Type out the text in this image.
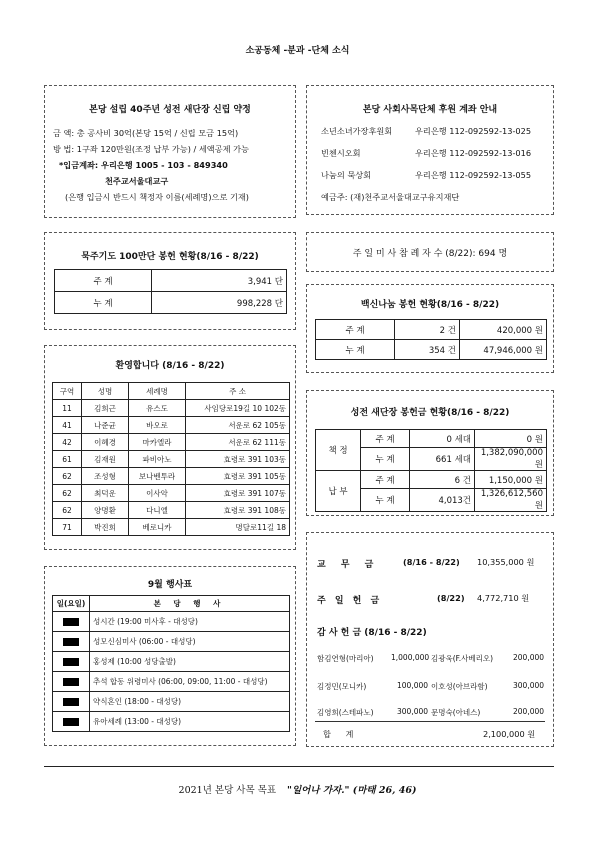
소공동체 -분과 -단체 소식
본당 설립 40주년 성전 새단장 신립 약정
금 액: 총 공사비 30억(본당 15억 / 신립 모금 15억)
방 법: 1구좌 120만원(조정 납부 가능) / 세액공제 가능
*입금계좌: 우리은행 1005 - 103 - 849340
천주교서울대교구
(은행 입금시 반드시 책정자 이름(세례명)으로 기재)
본당 사회사목단체 후원 계좌 안내
소년소녀가장후원회	우리은행 112-092592-13-025
빈첸시오회	우리은행 112-092592-13-016
나눔의 묵상회	우리은행 112-092592-13-055
예금주: (재)천주교서울대교구유지재단
묵주기도 100만단 봉헌 현황(8/16 - 8/22)
주 계	3,941 단
누 계	998,228 단
주 일 미 사 참 례 자 수 (8/22): 694 명
백신나눔 봉헌 현황(8/16 - 8/22)
주 계	2 건	420,000 원
누 계	354 건	47,946,000 원
환영합니다 (8/16 - 8/22)
구역	성명	세례명	주 소
11	김희근	유스도	사임당로19길 10 102동
41	나준균	바오로	서운로 62 105동
42	이혜경	마카엘라	서운로 62 111동
61	김재원	파비아노	효령로 391 103동
62	조성형	보나벤투라	효령로 391 105동
62	최덕운	이사악	효령로 391 107동
62	양명환	다니엘	효령로 391 108동
71	박진희	베로니카	명달로11길 18
성전 새단장 봉헌금 현황(8/16 - 8/22)
책 정	주 계	0 세대	0 원
	누 계	661 세대	1,382,090,000 원
납 부	주 계	6 건	1,150,000 원
	누 계	4,013건	1,326,612,560 원
교 무 금	(8/16 - 8/22) 10,355,000 원
주 일 헌 금	(8/22) 4,772,710 원
감 사 헌 금 (8/16 - 8/22)
함김연형(마리아) 1,000,000 김광욱(F.사베리오)	200,000
김정민(모니카)	100,000 이호성(아브라함)	300,000
김영희(스테파노)	300,000 문명숙(아네스)	200,000
합 계	2,100,000 원
9월 행사표
일(요일)	본 당 행 사
	성시간 (19:00 미사후 - 대성당)
	성모신심미사 (06:00 - 대성당)
	홍성제 (10:00 성당출발)
	추석 합동 위령미사 (06:00, 09:00, 11:00 - 대성당)
	약식혼인 (18:00 - 대성당)
	유아세례 (13:00 - 대성당)
2021년 본당 사목 목표 "일어나 가자." (마태 26, 46)
